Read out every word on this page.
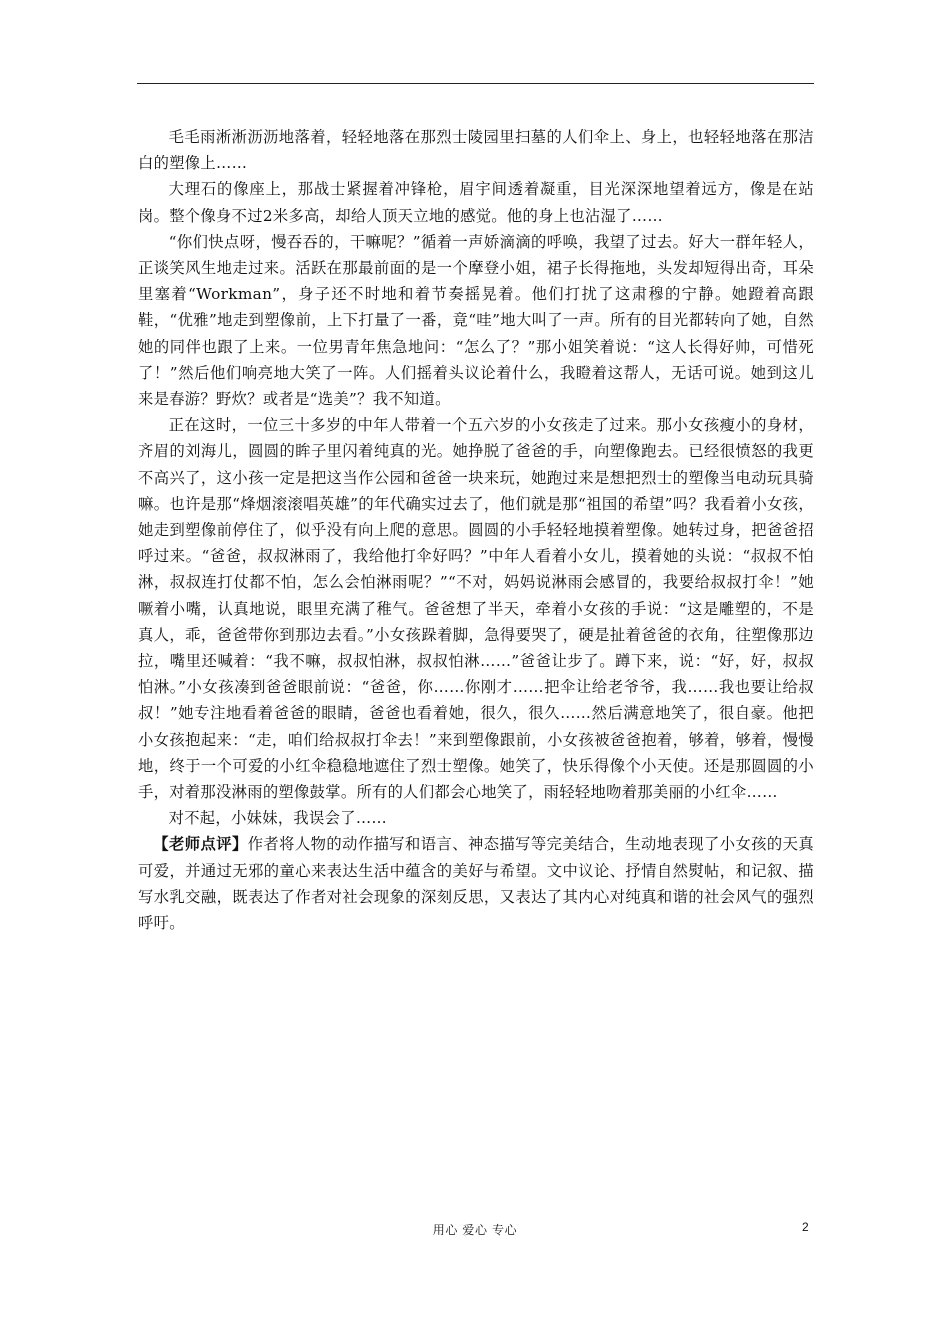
毛毛雨淅淅沥沥地落着，轻轻地落在那烈士陵园里扫墓的人们伞上、身上，也轻轻地落在那洁白的塑像上……

大理石的像座上，那战士紧握着冲锋枪，眉宇间透着凝重，目光深深地望着远方，像是在站岗。整个像身不过2米多高，却给人顶天立地的感觉。他的身上也沾湿了……

“你们快点呀，慢吞吞的，干嘛呢？”循着一声娇滴滴的呼唤，我望了过去。好大一群年轻人，正谈笑风生地走过来。活跃在那最前面的是一个摩登小姐，裙子长得拖地，头发却短得出奇，耳朵里塞着“Workman”，身子还不时地和着节奏摇晃着。他们打扰了这肃穆的宁静。她蹬着高跟鞋，“优雅”地走到塑像前，上下打量了一番，竟“哇”地大叫了一声。所有的目光都转向了她，自然她的同伴也跟了上来。一位男青年焦急地问：“怎么了？”那小姐笑着说：“这人长得好帅，可惜死了！”然后他们响亮地大笑了一阵。人们摇着头议论着什么，我瞪着这帮人，无话可说。她到这儿来是春游？野炊？或者是“选美”？我不知道。

正在这时，一位三十多岁的中年人带着一个五六岁的小女孩走了过来。那小女孩瘦小的身材，齐眉的刘海儿，圆圆的眸子里闪着纯真的光。她挣脱了爸爸的手，向塑像跑去。已经很愤怒的我更不高兴了，这小孩一定是把这当作公园和爸爸一块来玩，她跑过来是想把烈士的塑像当电动玩具骑嘛。也许是那“烽烟滚滚唱英雄”的年代确实过去了，他们就是那“祖国的希望”吗？我看着小女孩，她走到塑像前停住了，似乎没有向上爬的意思。圆圆的小手轻轻地摸着塑像。她转过身，把爸爸招呼过来。“爸爸，叔叔淋雨了，我给他打伞好吗？”中年人看着小女儿，摸着她的头说：“叔叔不怕淋，叔叔连打仗都不怕，怎么会怕淋雨呢？”“不对，妈妈说淋雨会感冒的，我要给叔叔打伞！”她噘着小嘴，认真地说，眼里充满了稚气。爸爸想了半天，牵着小女孩的手说：“这是雕塑的，不是真人，乖，爸爸带你到那边去看。”小女孩跺着脚，急得要哭了，硬是扯着爸爸的衣角，往塑像那边拉，嘴里还喊着：“我不嘛，叔叔怕淋，叔叔怕淋……”爸爸让步了。蹲下来，说：“好，好，叔叔怕淋。”小女孩凑到爸爸眼前说：“爸爸，你……你刚才……把伞让给老爷爷，我……我也要让给叔叔！”她专注地看着爸爸的眼睛，爸爸也看着她，很久，很久……然后满意地笑了，很自豪。他把小女孩抱起来：“走，咱们给叔叔打伞去！”来到塑像跟前，小女孩被爸爸抱着，够着，够着，慢慢地，终于一个可爱的小红伞稳稳地遮住了烈士塑像。她笑了，快乐得像个小天使。还是那圆圆的小手，对着那没淋雨的塑像鼓掌。所有的人们都会心地笑了，雨轻轻地吻着那美丽的小红伞……

对不起，小妹妹，我误会了……

【老师点评】作者将人物的动作描写和语言、神态描写等完美结合，生动地表现了小女孩的天真可爱，并通过无邪的童心来表达生活中蕴含的美好与希望。文中议论、抒情自然熨帖，和记叙、描写水乳交融，既表达了作者对社会现象的深刻反思，又表达了其内心对纯真和谐的社会风气的强烈呼吁。

用心 爱心 专心	2
